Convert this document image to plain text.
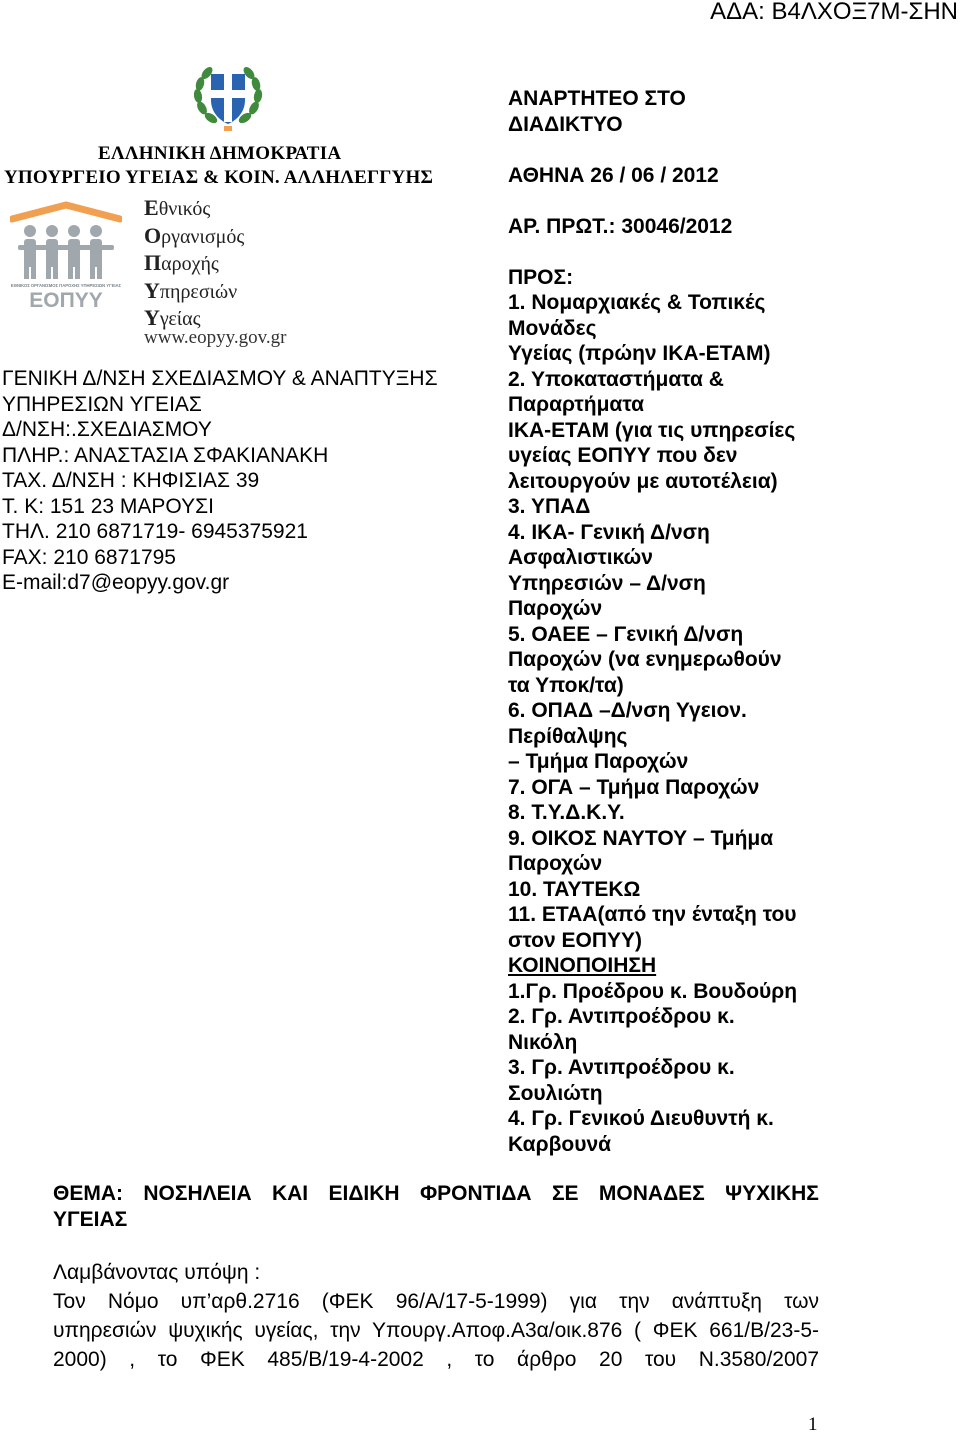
ΑΔΑ: Β4ΛΧΟΞ7Μ-ΣΗΝ
ΕΛΛΗΝΙΚΗ ΔΗΜΟΚΡΑΤΙΑ
ΥΠΟΥΡΓΕΙΟ ΥΓΕΙΑΣ & ΚΟΙΝ. ΑΛΛΗΛΕΓΓΥΗΣ
ΕΘΝΙΚΟΣ ΟΡΓΑΝΙΣΜΟΣ ΠΑΡΟΧΗΣ ΥΠΗΡΕΣΙΩΝ ΥΓΕΙΑΣ
ΕΟΠΥΥ
Εθνικός
Οργανισμός
Παροχής
Υπηρεσιών
Υγείας
www.eopyy.gov.gr
ΓΕΝΙΚΗ Δ/ΝΣΗ ΣΧΕΔΙΑΣΜΟΥ & ΑΝΑΠΤΥΞΗΣ
ΥΠΗΡΕΣΙΩΝ ΥΓΕΙΑΣ
Δ/ΝΣΗ:.ΣΧΕΔΙΑΣΜΟΥ
ΠΛΗΡ.: ΑΝΑΣΤΑΣΙΑ ΣΦΑΚΙΑΝΑΚΗ
ΤΑΧ. Δ/ΝΣΗ : ΚΗΦΙΣΙΑΣ 39
Τ. Κ: 151 23 ΜΑΡΟΥΣΙ
ΤΗΛ. 210 6871719- 6945375921
FAX: 210 6871795
E-mail:d7@eopyy.gov.gr
ΑΝΑΡΤΗΤΕΟ ΣΤΟ
ΔΙΑΔΙΚΤΥΟ
ΑΘΗΝΑ 26 / 06 / 2012
ΑΡ. ΠΡΩΤ.: 30046/2012
ΠΡΟΣ:
1. Νομαρχιακές & Τοπικές
Μονάδες
Υγείας (πρώην ΙΚΑ-ΕΤΑΜ)
2. Υποκαταστήματα &
Παραρτήματα
ΙΚΑ-ΕΤΑΜ (για τις υπηρεσίες
υγείας ΕΟΠΥΥ που δεν
λειτουργούν με αυτοτέλεια)
3. ΥΠΑΔ
4. ΙΚΑ- Γενική Δ/νση
Ασφαλιστικών
Υπηρεσιών – Δ/νση
Παροχών
5. ΟΑΕΕ – Γενική Δ/νση
Παροχών (να ενημερωθούν
τα Υποκ/τα)
6. ΟΠΑΔ –Δ/νση Υγειον.
Περίθαλψης
– Τμήμα Παροχών
7. ΟΓΑ – Τμήμα Παροχών
8. Τ.Υ.Δ.Κ.Υ.
9. ΟΙΚΟΣ ΝΑΥΤΟΥ – Τμήμα
Παροχών
10. ΤΑΥΤΕΚΩ
11. ΕΤΑΑ(από την ένταξη του
στον ΕΟΠΥΥ)
ΚΟΙΝΟΠΟΙΗΣΗ
1.Γρ. Προέδρου κ. Βουδούρη
2. Γρ. Αντιπροέδρου κ.
Νικόλη
3. Γρ. Αντιπροέδρου κ.
Σουλιώτη
4. Γρ. Γενικού Διευθυντή κ.
Καρβουνά
ΘΕΜΑ: ΝΟΣΗΛΕΙΑ ΚΑΙ ΕΙΔΙΚΗ ΦΡΟΝΤΙΔΑ ΣΕ ΜΟΝΑΔΕΣ ΨΥΧΙΚΗΣ
ΥΓΕΙΑΣ
Λαμβάνοντας υπόψη :
Τον Νόμο υπ’αρθ.2716 (ΦΕΚ 96/Α/17-5-1999) για την ανάπτυξη των
υπηρεσιών ψυχικής υγείας, την Υπουργ.Αποφ.Α3α/οικ.876 ( ΦΕΚ 661/Β/23-5-
2000) , το ΦΕΚ 485/Β/19-4-2002 , το άρθρο 20 του Ν.3580/2007
1
